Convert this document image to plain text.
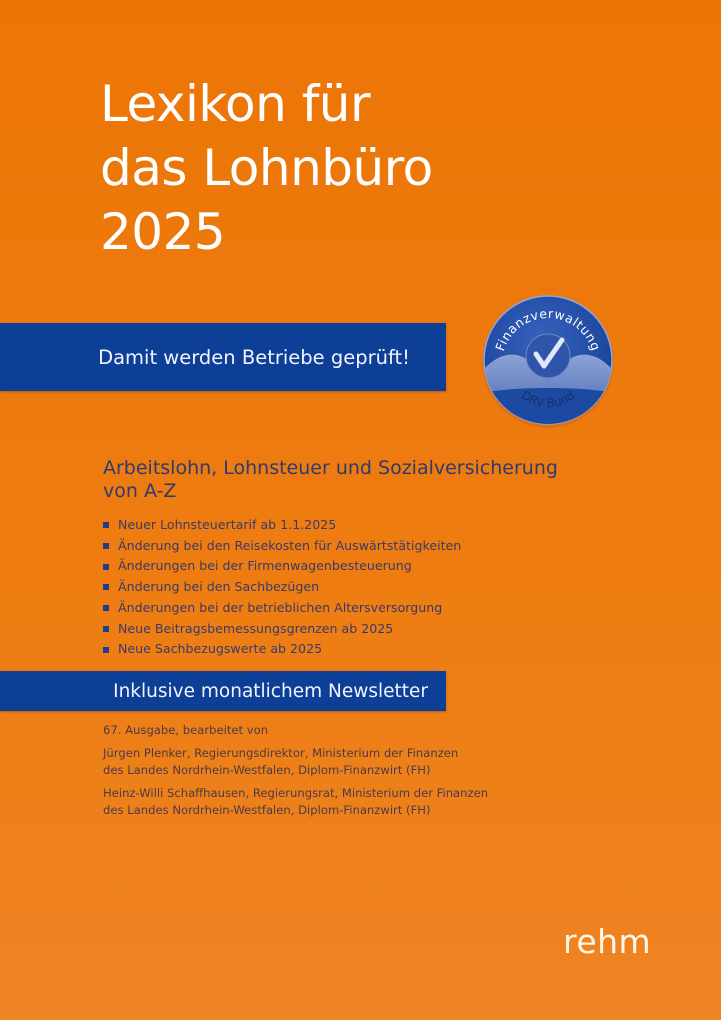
Lexikon für
das Lohnbüro
2025
Damit werden Betriebe geprüft!	Finanzverwaltung
DRV Bund
Arbeitslohn, Lohnsteuer und Sozialversicherung
von A-Z
Neuer Lohnsteuertarif ab 1.1.2025
Änderung bei den Reisekosten für Auswärtstätigkeiten
Änderungen bei der Firmenwagenbesteuerung
Änderung bei den Sachbezügen
Änderungen bei der betrieblichen Altersversorgung
Neue Beitragsbemessungsgrenzen ab 2025
Neue Sachbezugswerte ab 2025
Inklusive monatlichem Newsletter

67. Ausgabe, bearbeitet von

Jürgen Plenker, Regierungsdirektor, Ministerium der Finanzen
des Landes Nordrhein-Westfalen, Diplom-Finanzwirt (FH)

Heinz-Willi Schaffhausen, Regierungsrat, Ministerium der Finanzen
des Landes Nordrhein-Westfalen, Diplom-Finanzwirt (FH)

rehm
